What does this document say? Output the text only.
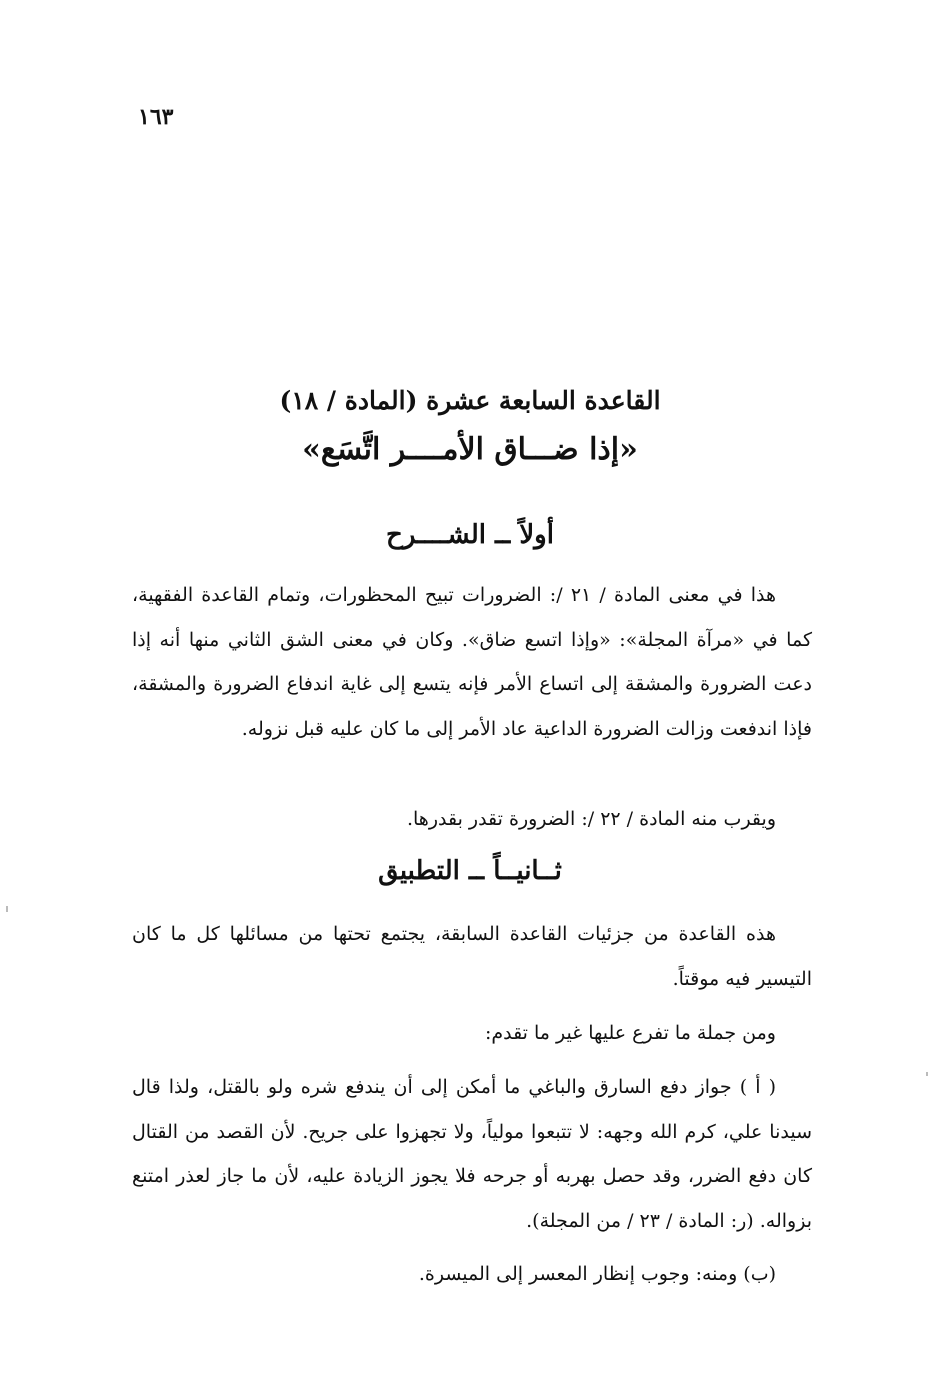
١٦٣
القاعدة السابعة عشرة (المادة / ١٨)
«إذا ضـــاق الأمــــر اتَّسَع»
أولاً ــ الشــــرح

هذا في معنى المادة / ٢١ /: الضرورات تبيح المحظورات، وتمام القاعدة الفقهية، كما في «مرآة المجلة»: «وإذا اتسع ضاق». وكان في معنى الشق الثاني منها أنه إذا دعت الضرورة والمشقة إلى اتساع الأمر فإنه يتسع إلى غاية اندفاع الضرورة والمشقة، فإذا اندفعت وزالت الضرورة الداعية عاد الأمر إلى ما كان عليه قبل نزوله.

ويقرب منه المادة / ٢٢ /: الضرورة تقدر بقدرها.

ثــانيــاً ــ التطبيق

هذه القاعدة من جزئيات القاعدة السابقة، يجتمع تحتها من مسائلها كل ما كان التيسير فيه موقتاً.

ومن جملة ما تفرع عليها غير ما تقدم:

( أ ) جواز دفع السارق والباغي ما أمكن إلى أن يندفع شره ولو بالقتل، ولذا قال سيدنا علي، كرم الله وجهه: لا تتبعوا مولياً، ولا تجهزوا على جريح. لأن القصد من القتال كان دفع الضرر، وقد حصل بهربه أو جرحه فلا يجوز الزيادة عليه، لأن ما جاز لعذر امتنع بزواله. (ر: المادة / ٢٣ / من المجلة).

(ب) ومنه: وجوب إنظار المعسر إلى الميسرة.
